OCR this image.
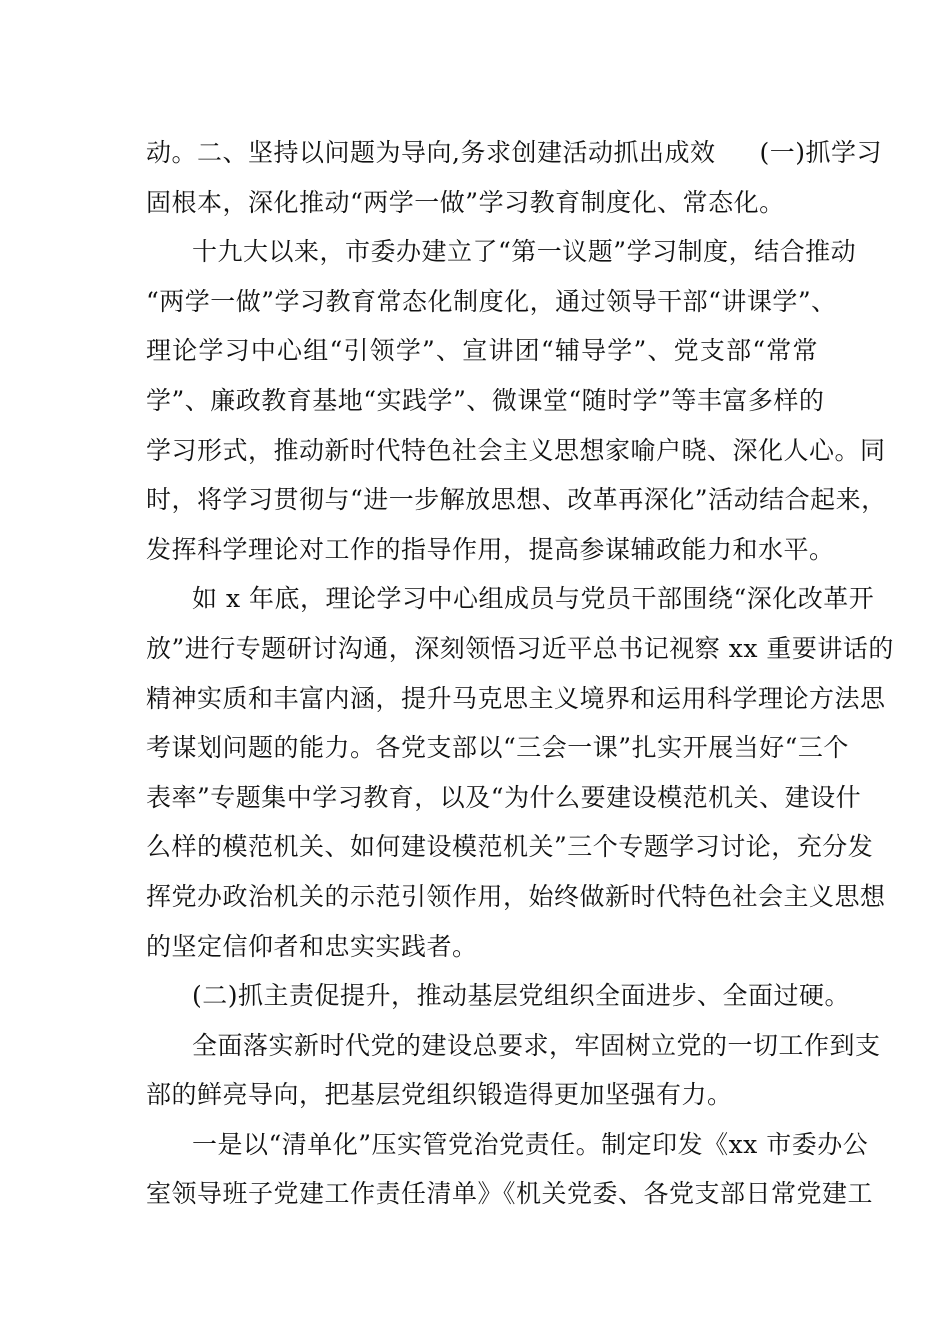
动。二、坚持以问题为导向,务求创建活动抓出成效 (一)抓学习
固根本，深化推动“两学一做”学习教育制度化、常态化。
十九大以来，市委办建立了“第一议题”学习制度，结合推动
“两学一做”学习教育常态化制度化，通过领导干部“讲课学”、
理论学习中心组“引领学”、宣讲团“辅导学”、党支部“常常
学”、廉政教育基地“实践学”、微课堂“随时学”等丰富多样的
学习形式，推动新时代特色社会主义思想家喻户晓、深化人心。同
时，将学习贯彻与“进一步解放思想、改革再深化”活动结合起来，
发挥科学理论对工作的指导作用，提高参谋辅政能力和水平。
如 x 年底，理论学习中心组成员与党员干部围绕“深化改革开
放”进行专题研讨沟通，深刻领悟习近平总书记视察 xx 重要讲话的
精神实质和丰富内涵，提升马克思主义境界和运用科学理论方法思
考谋划问题的能力。各党支部以“三会一课”扎实开展当好“三个
表率”专题集中学习教育，以及“为什么要建设模范机关、建设什
么样的模范机关、如何建设模范机关”三个专题学习讨论，充分发
挥党办政治机关的示范引领作用，始终做新时代特色社会主义思想
的坚定信仰者和忠实实践者。
(二)抓主责促提升，推动基层党组织全面进步、全面过硬。
全面落实新时代党的建设总要求，牢固树立党的一切工作到支
部的鲜亮导向，把基层党组织锻造得更加坚强有力。
一是以“清单化”压实管党治党责任。制定印发《xx 市委办公
室领导班子党建工作责任清单》《机关党委、各党支部日常党建工
